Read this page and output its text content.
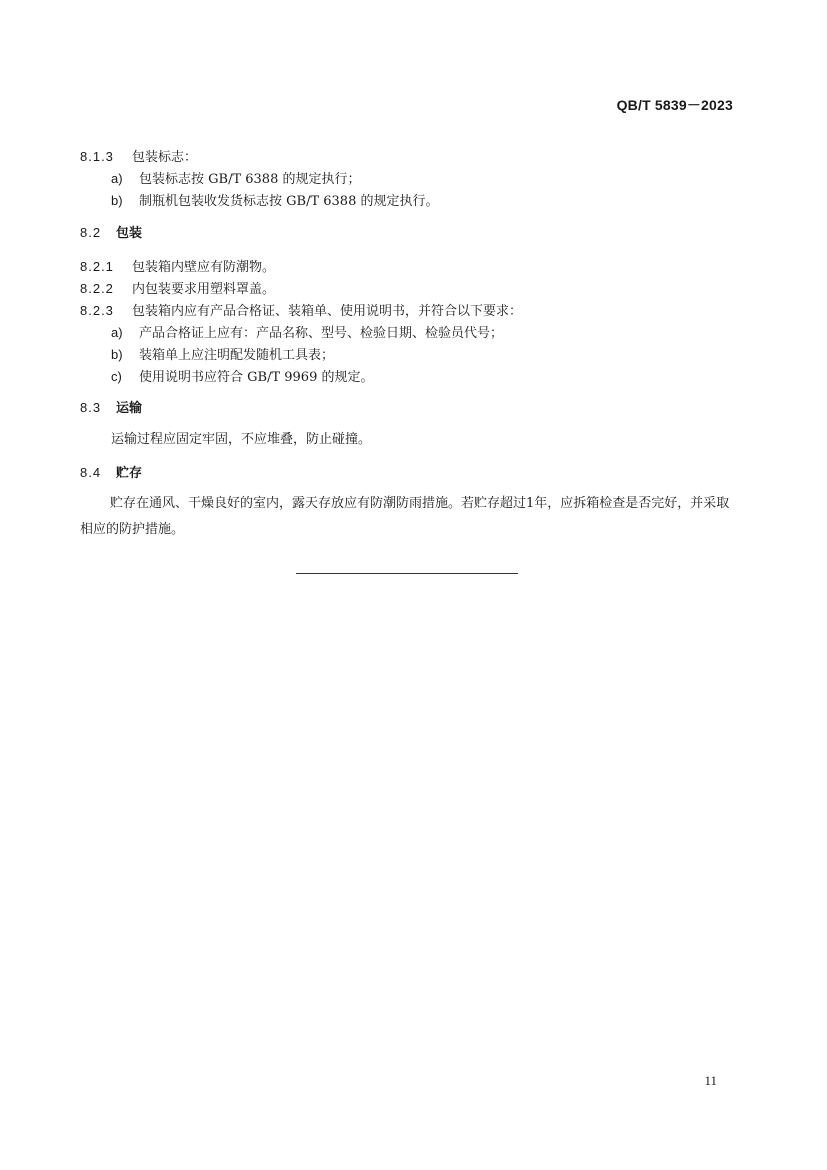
QB/T 5839－2023
8.1.3 包装标志：
a) 包装标志按 GB/T 6388 的规定执行；
b) 制瓶机包装收发货标志按 GB/T 6388 的规定执行。
8.2 包装
8.2.1 包装箱内壁应有防潮物。
8.2.2 内包装要求用塑料罩盖。
8.2.3 包装箱内应有产品合格证、装箱单、使用说明书，并符合以下要求：
a) 产品合格证上应有：产品名称、型号、检验日期、检验员代号；
b) 装箱单上应注明配发随机工具表；
c) 使用说明书应符合 GB/T 9969 的规定。
8.3 运输
运输过程应固定牢固，不应堆叠，防止碰撞。
8.4 贮存
贮存在通风、干燥良好的室内，露天存放应有防潮防雨措施。若贮存超过1年，应拆箱检查是否完好，并采取相应的防护措施。
11
